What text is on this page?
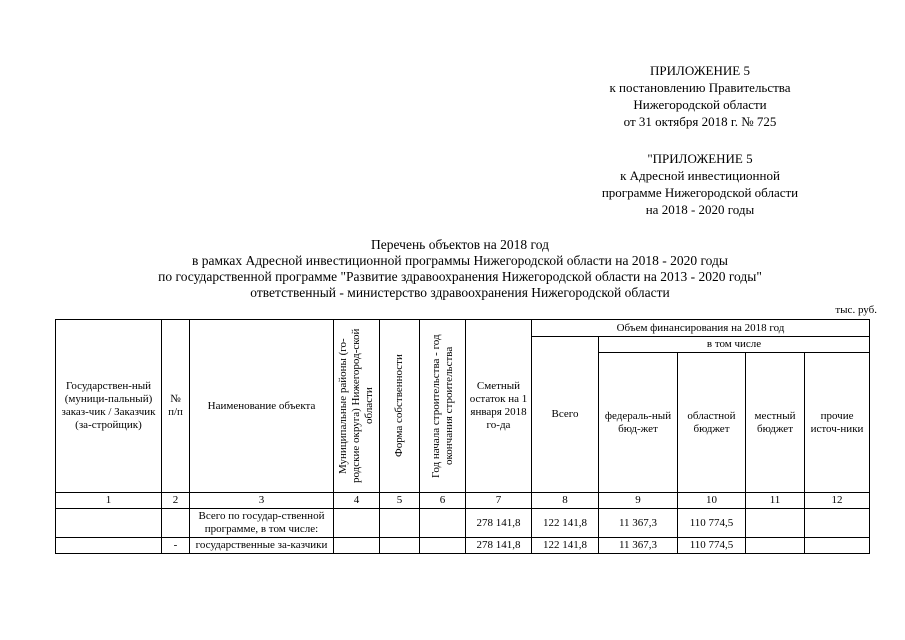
ПРИЛОЖЕНИЕ 5
к постановлению Правительства
Нижегородской области
от 31 октября 2018 г. № 725
"ПРИЛОЖЕНИЕ 5
к Адресной инвестиционной
программе Нижегородской области
на 2018 - 2020 годы
Перечень объектов на 2018 год
в рамках Адресной инвестиционной программы Нижегородской области на 2018 - 2020 годы
по государственной программе "Развитие здравоохранения Нижегородской области на 2013 - 2020 годы"
ответственный - министерство здравоохранения Нижегородской области
тыс. руб.
Государствен-ный (муници-пальный) заказ-чик / Заказчик (за-стройщик)	№ п/п	Наименование объекта	Муниципальные районы (го-родские округа) Нижегород-ской области	Форма собственности	Год начала строительства - год окончания строительства	Сметный остаток на 1 января 2018 го-да	Объем финансирования на 2018 год				
							Всего	в том числе			
								федераль-ный бюд-жет	областной бюджет	местный бюджет	прочие источ-ники
1	2	3	4	5	6	7	8	9	10	11	12
		Всего по государ-ственной программе, в том числе:				278 141,8	122 141,8	11 367,3	110 774,5		
	-	государственные за-казчики				278 141,8	122 141,8	11 367,3	110 774,5		
